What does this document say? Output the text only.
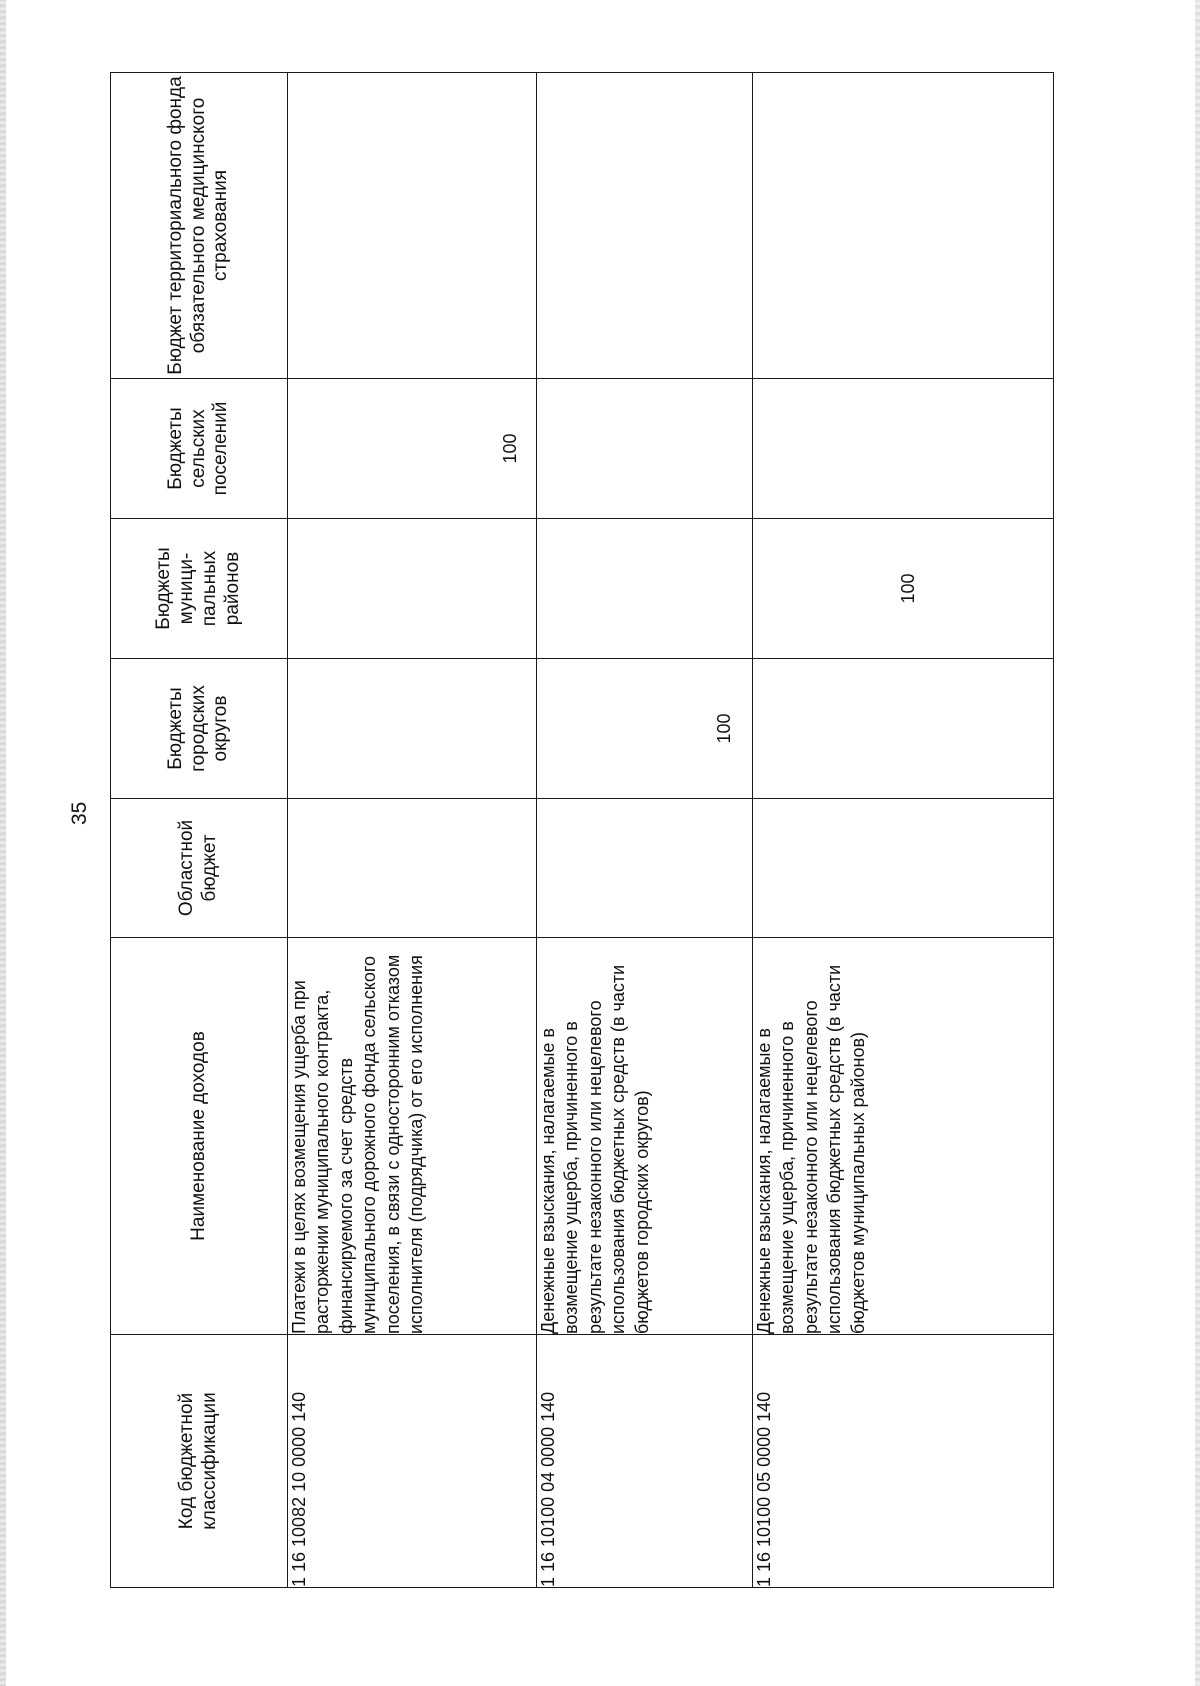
35
Код бюджетной классификации	Наименование доходов	Областной бюджет	Бюджеты городских округов	Бюджеты муници-пальных районов	Бюджеты сельских поселений	Бюджет территориального фонда обязательного медицинского страхования
1 16 10082 10 0000 140	Платежи в целях возмещения ущерба при расторжении муниципального контракта, финансируемого за счет средств муниципального дорожного фонда сельского поселения, в связи с односторонним отказом исполнителя (подрядчика) от его исполнения				100	
1 16 10100 04 0000 140	Денежные взыскания, налагаемые в возмещение ущерба, причиненного в результате незаконного или нецелевого использования бюджетных средств (в части бюджетов городских округов)		100			
1 16 10100 05 0000 140	Денежные взыскания, налагаемые в возмещение ущерба, причиненного в результате незаконного или нецелевого использования бюджетных средств (в части бюджетов муниципальных районов)			100		
